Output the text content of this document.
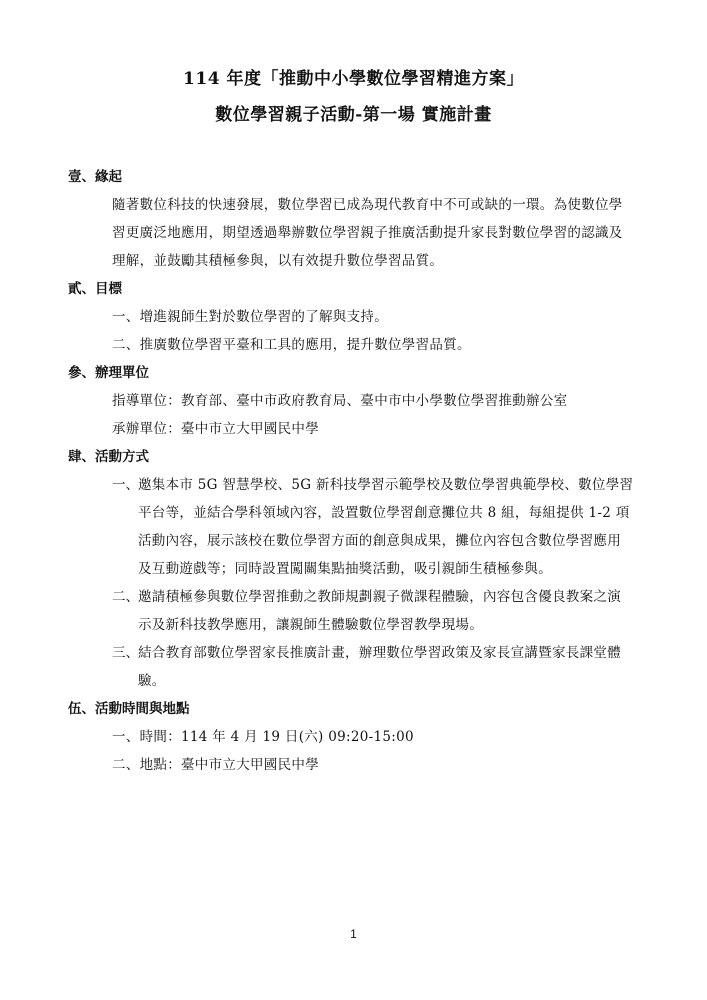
114 年度「推動中小學數位學習精進方案」
數位學習親子活動-第一場 實施計畫
壹、緣起
隨著數位科技的快速發展，數位學習已成為現代教育中不可或缺的一環。為使數位學
習更廣泛地應用，期望透過舉辦數位學習親子推廣活動提升家長對數位學習的認識及
理解，並鼓勵其積極參與，以有效提升數位學習品質。
貳、目標
一、增進親師生對於數位學習的了解與支持。
二、推廣數位學習平臺和工具的應用，提升數位學習品質。
參、辦理單位
指導單位：教育部、臺中市政府教育局、臺中市中小學數位學習推動辦公室
承辦單位：臺中市立大甲國民中學
肆、活動方式
一、 邀集本市 5G 智慧學校、5G 新科技學習示範學校及數位學習典範學校、數位學習
平台等，並結合學科領域內容，設置數位學習創意攤位共 8 組，每組提供 1-2 項
活動內容，展示該校在數位學習方面的創意與成果，攤位內容包含數位學習應用
及互動遊戲等；同時設置闖關集點抽獎活動，吸引親師生積極參與。
二、 邀請積極參與數位學習推動之教師規劃親子微課程體驗，內容包含優良教案之演
示及新科技教學應用，讓親師生體驗數位學習教學現場。
三、 結合教育部數位學習家長推廣計畫，辦理數位學習政策及家長宣講暨家長課堂體
驗。
伍、活動時間與地點
一、時間：114 年 4 月 19 日(六) 09:20-15:00
二、地點：臺中市立大甲國民中學
1
